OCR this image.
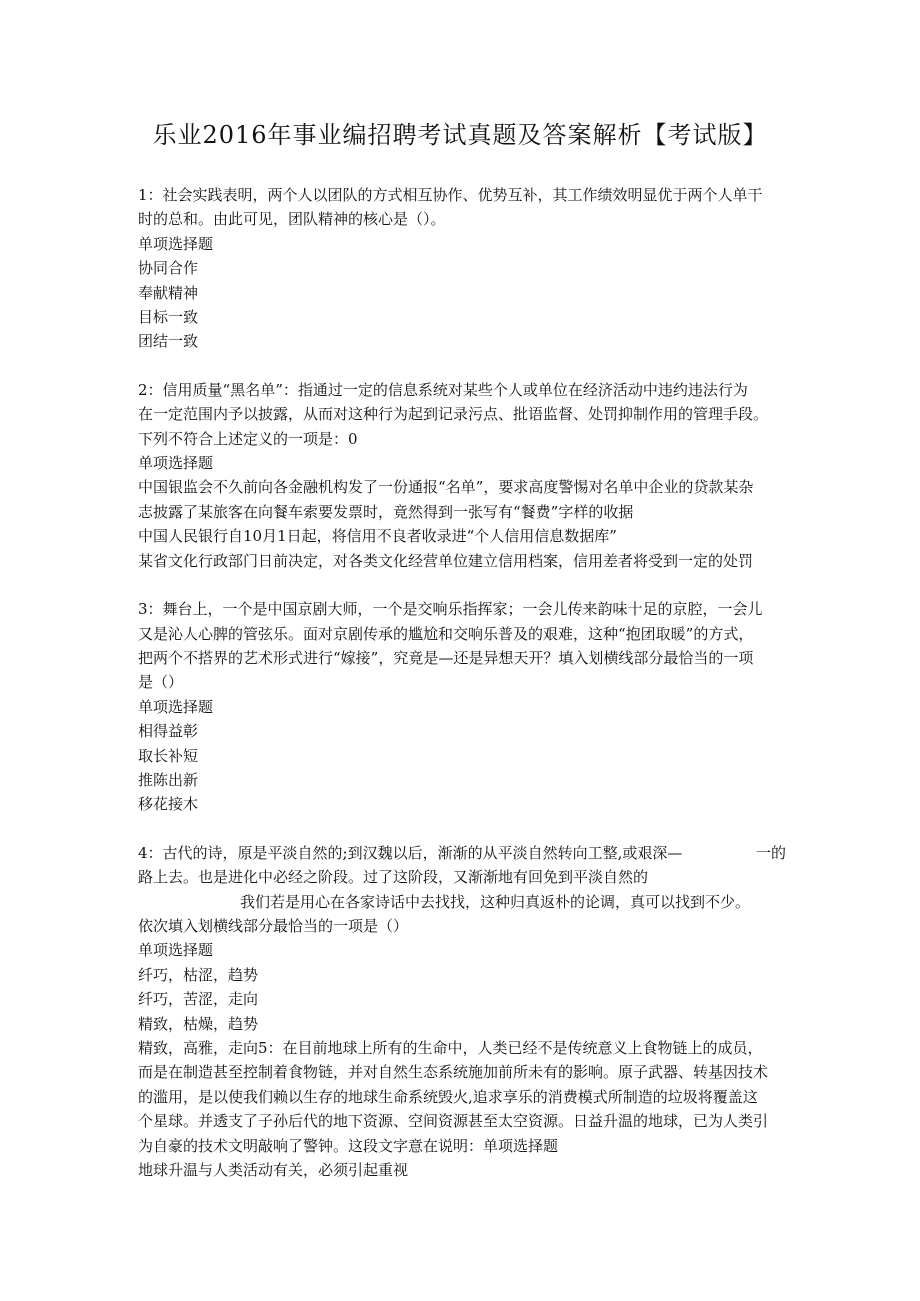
乐业2016年事业编招聘考试真题及答案解析【考试版】

1：社会实践表明，两个人以团队的方式相互协作、优势互补，其工作绩效明显优于两个人单干

时的总和。由此可见，团队精神的核心是（）。

单项选择题

协同合作

奉献精神

目标一致

团结一致

2：信用质量“黑名单”：指通过一定的信息系统对某些个人或单位在经济活动中违约违法行为

在一定范围内予以披露，从而对这种行为起到记录污点、批语监督、处罚抑制作用的管理手段。

下列不符合上述定义的一项是：0

单项选择题

中国银监会不久前向各金融机构发了一份通报“名单”，要求高度警惕对名单中企业的贷款某杂

志披露了某旅客在向餐车索要发票时，竟然得到一张写有“餐费”字样的收据

中国人民银行自10月1日起，将信用不良者收录进“个人信用信息数据库”

某省文化行政部门日前决定，对各类文化经营单位建立信用档案，信用差者将受到一定的处罚

3：舞台上，一个是中国京剧大师，一个是交响乐指挥家；一会儿传来韵味十足的京腔，一会儿

又是沁人心脾的管弦乐。面对京剧传承的尴尬和交响乐普及的艰难，这种“抱团取暖”的方式，

把两个不搭界的艺术形式进行“嫁接”，究竟是—还是异想天开？填入划横线部分最恰当的一项

是（）

单项选择题

相得益彰

取长补短

推陈出新

移花接木

4：古代的诗，原是平淡自然的;到汉魏以后，渐渐的从平淡自然转向工整,或艰深—	一的

路上去。也是进化中必经之阶段。过了这阶段，又渐渐地有回免到平淡自然的

我们若是用心在各家诗话中去找找，这种归真返朴的论调，真可以找到不少。

依次填入划横线部分最恰当的一项是（）

单项选择题

纤巧，枯涩，趋势

纤巧，苦涩，走向

精致，枯燥，趋势

精致，高雅，走向5：在目前地球上所有的生命中，人类已经不是传统意义上食物链上的成员，

而是在制造甚至控制着食物链，并对自然生态系统施加前所未有的影响。原子武器、转基因技术

的滥用，是以使我们赖以生存的地球生命系统毁火,追求享乐的消费模式所制造的垃圾将覆盖这

个星球。并透支了子孙后代的地下资源、空间资源甚至太空资源。日益升温的地球，已为人类引

为自豪的技术文明敲响了警钟。这段文字意在说明：单项选择题

地球升温与人类活动有关，必须引起重视
